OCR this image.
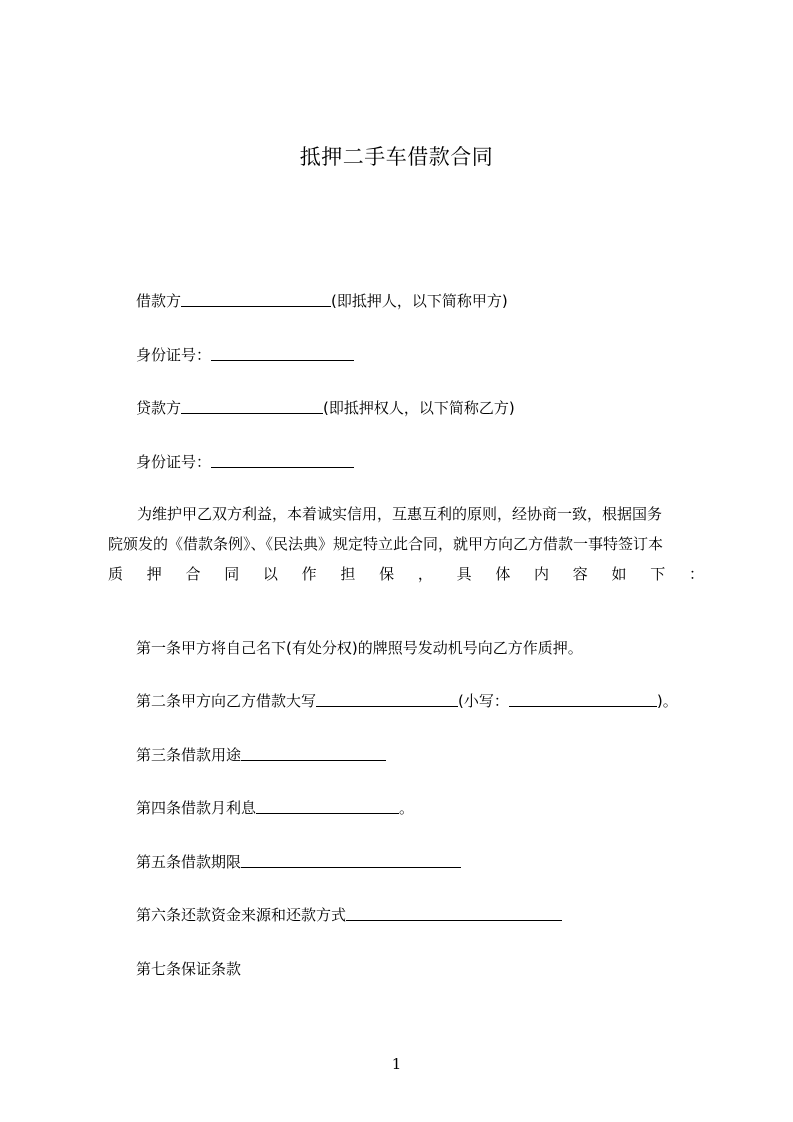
抵押二手车借款合同
借款方	(即抵押人，以下简称甲方)
身份证号：
贷款方	(即抵押权人，以下简称乙方)
身份证号：
为维护甲乙双方利益，本着诚实信用，互惠互利的原则，经协商一致，根据国务
院颁发的《借款条例》、《民法典》规定特立此合同，就甲方向乙方借款一事特签订本
质 押 合 同 以 作 担 保 ， 具 体 内 容 如 下 ：
第一条甲方将自己名下(有处分权)的牌照号发动机号向乙方作质押。
第二条甲方向乙方借款大写	(小写：	)。
第三条借款用途
第四条借款月利息	。
第五条借款期限
第六条还款资金来源和还款方式
第七条保证条款
1
